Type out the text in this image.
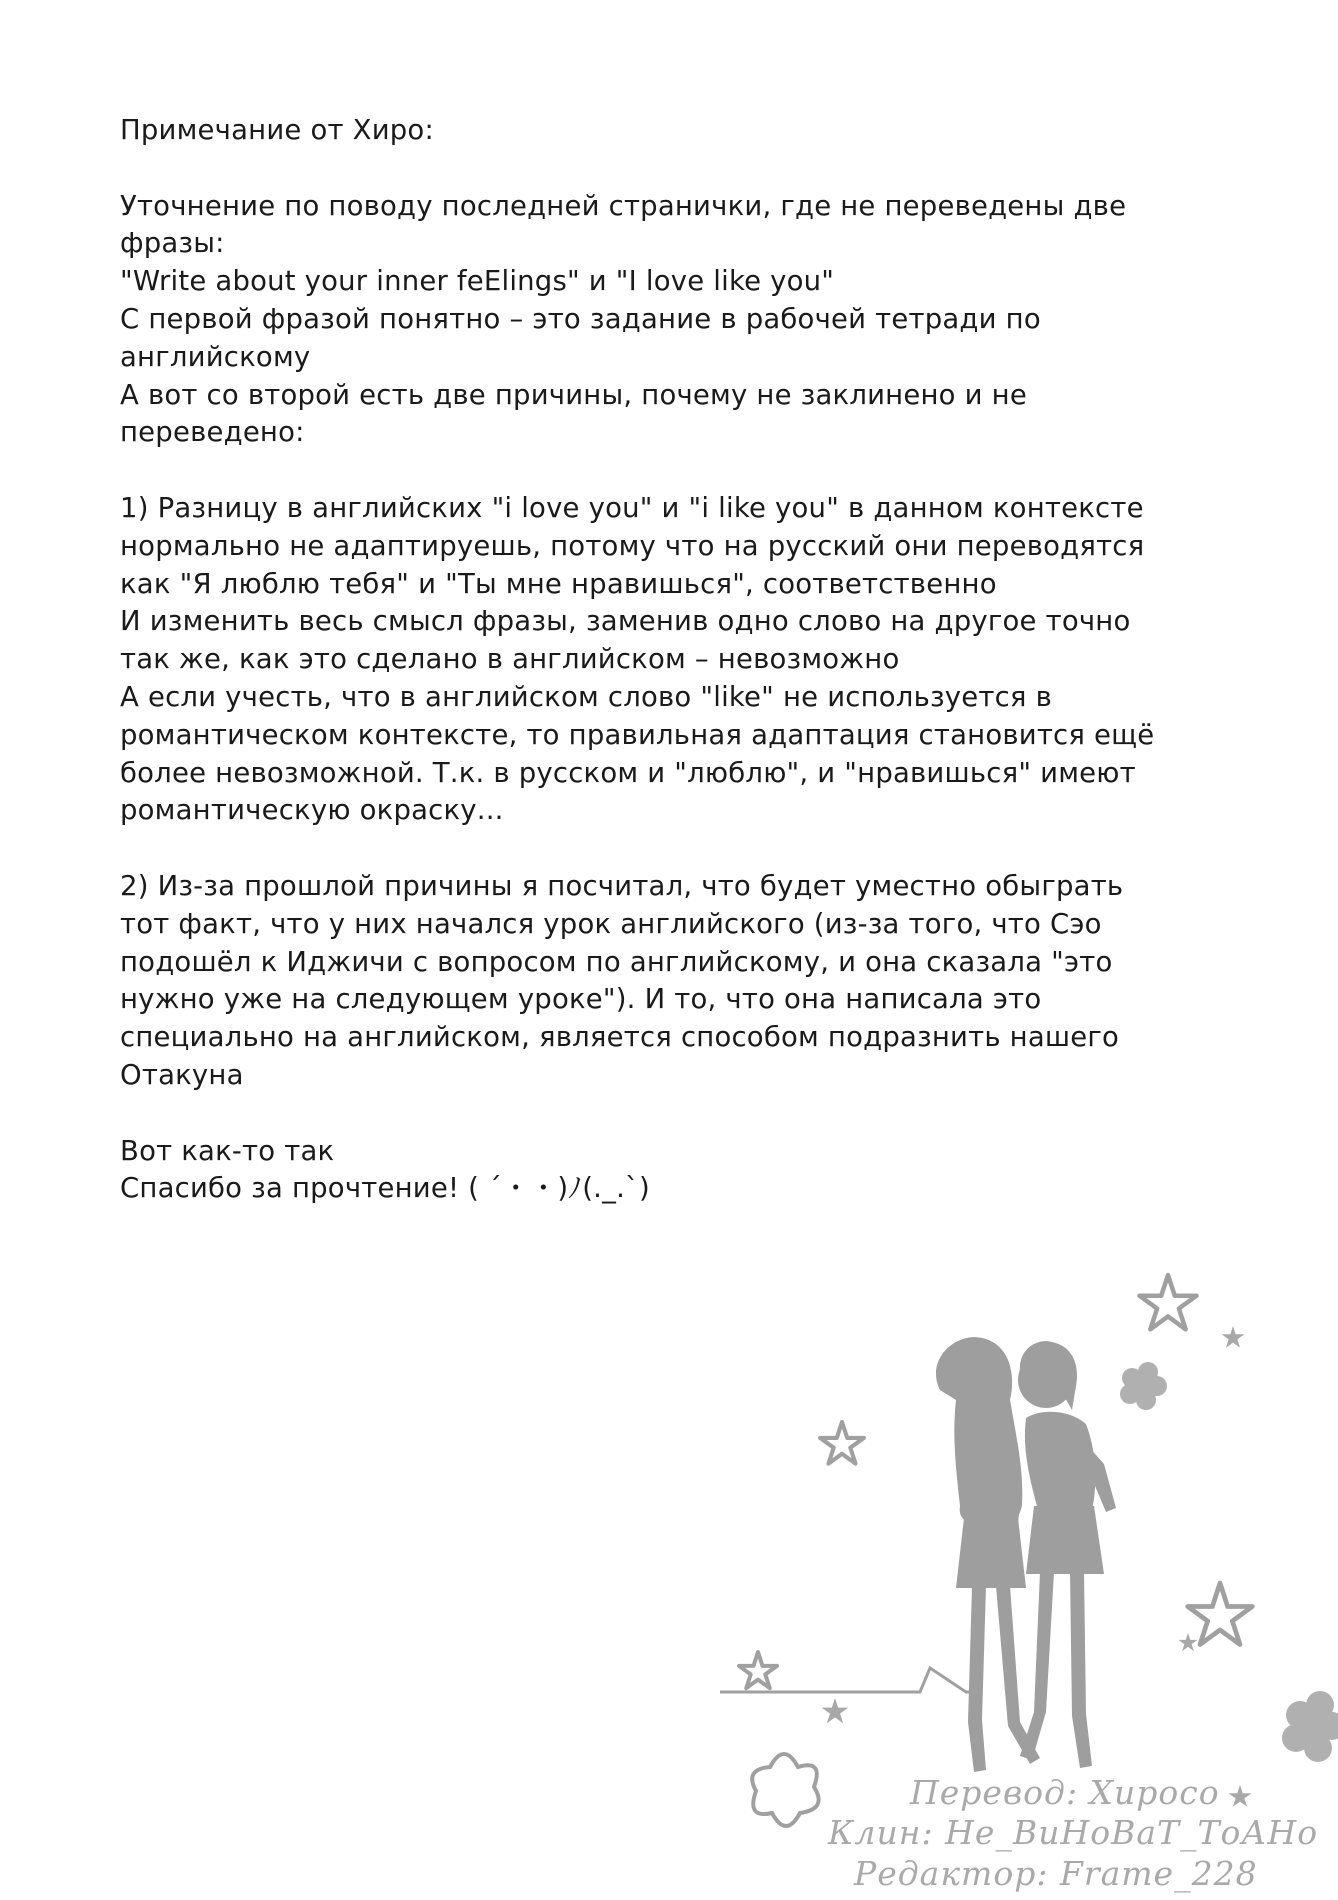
Примечание от Хиро:

Уточнение по поводу последней странички, где не переведены две

фразы:

"Write about your inner feElings" и "I love like you"

С первой фразой понятно – это задание в рабочей тетради по

английскому

А вот со второй есть две причины, почему не заклинено и не

переведено:

1) Разницу в английских "i love you" и "i like you" в данном контексте

нормально не адаптируешь, потому что на русский они переводятся

как "Я люблю тебя" и "Ты мне нравишься", соответственно

И изменить весь смысл фразы, заменив одно слово на другое точно

так же, как это сделано в английском – невозможно

А если учесть, что в английском слово "like" не используется в

романтическом контексте, то правильная адаптация становится ещё

более невозможной. Т.к. в русском и "люблю", и "нравишься" имеют

романтическую окраску...

2) Из-за прошлой причины я посчитал, что будет уместно обыграть

тот факт, что у них начался урок английского (из-за того, что Сэо

подошёл к Иджичи с вопросом по английскому, и она сказала "это

нужно уже на следующем уроке"). И то, что она написала это

специально на английском, является способом подразнить нашего

Отакуна

Вот как-то так

Спасибо за прочтение! ( ´・・)ﾉ(._.`)

Перевод: Хиросо
Клин: Не_ВиНоВаТ_ТоАНо
Редактор: Frame_228
